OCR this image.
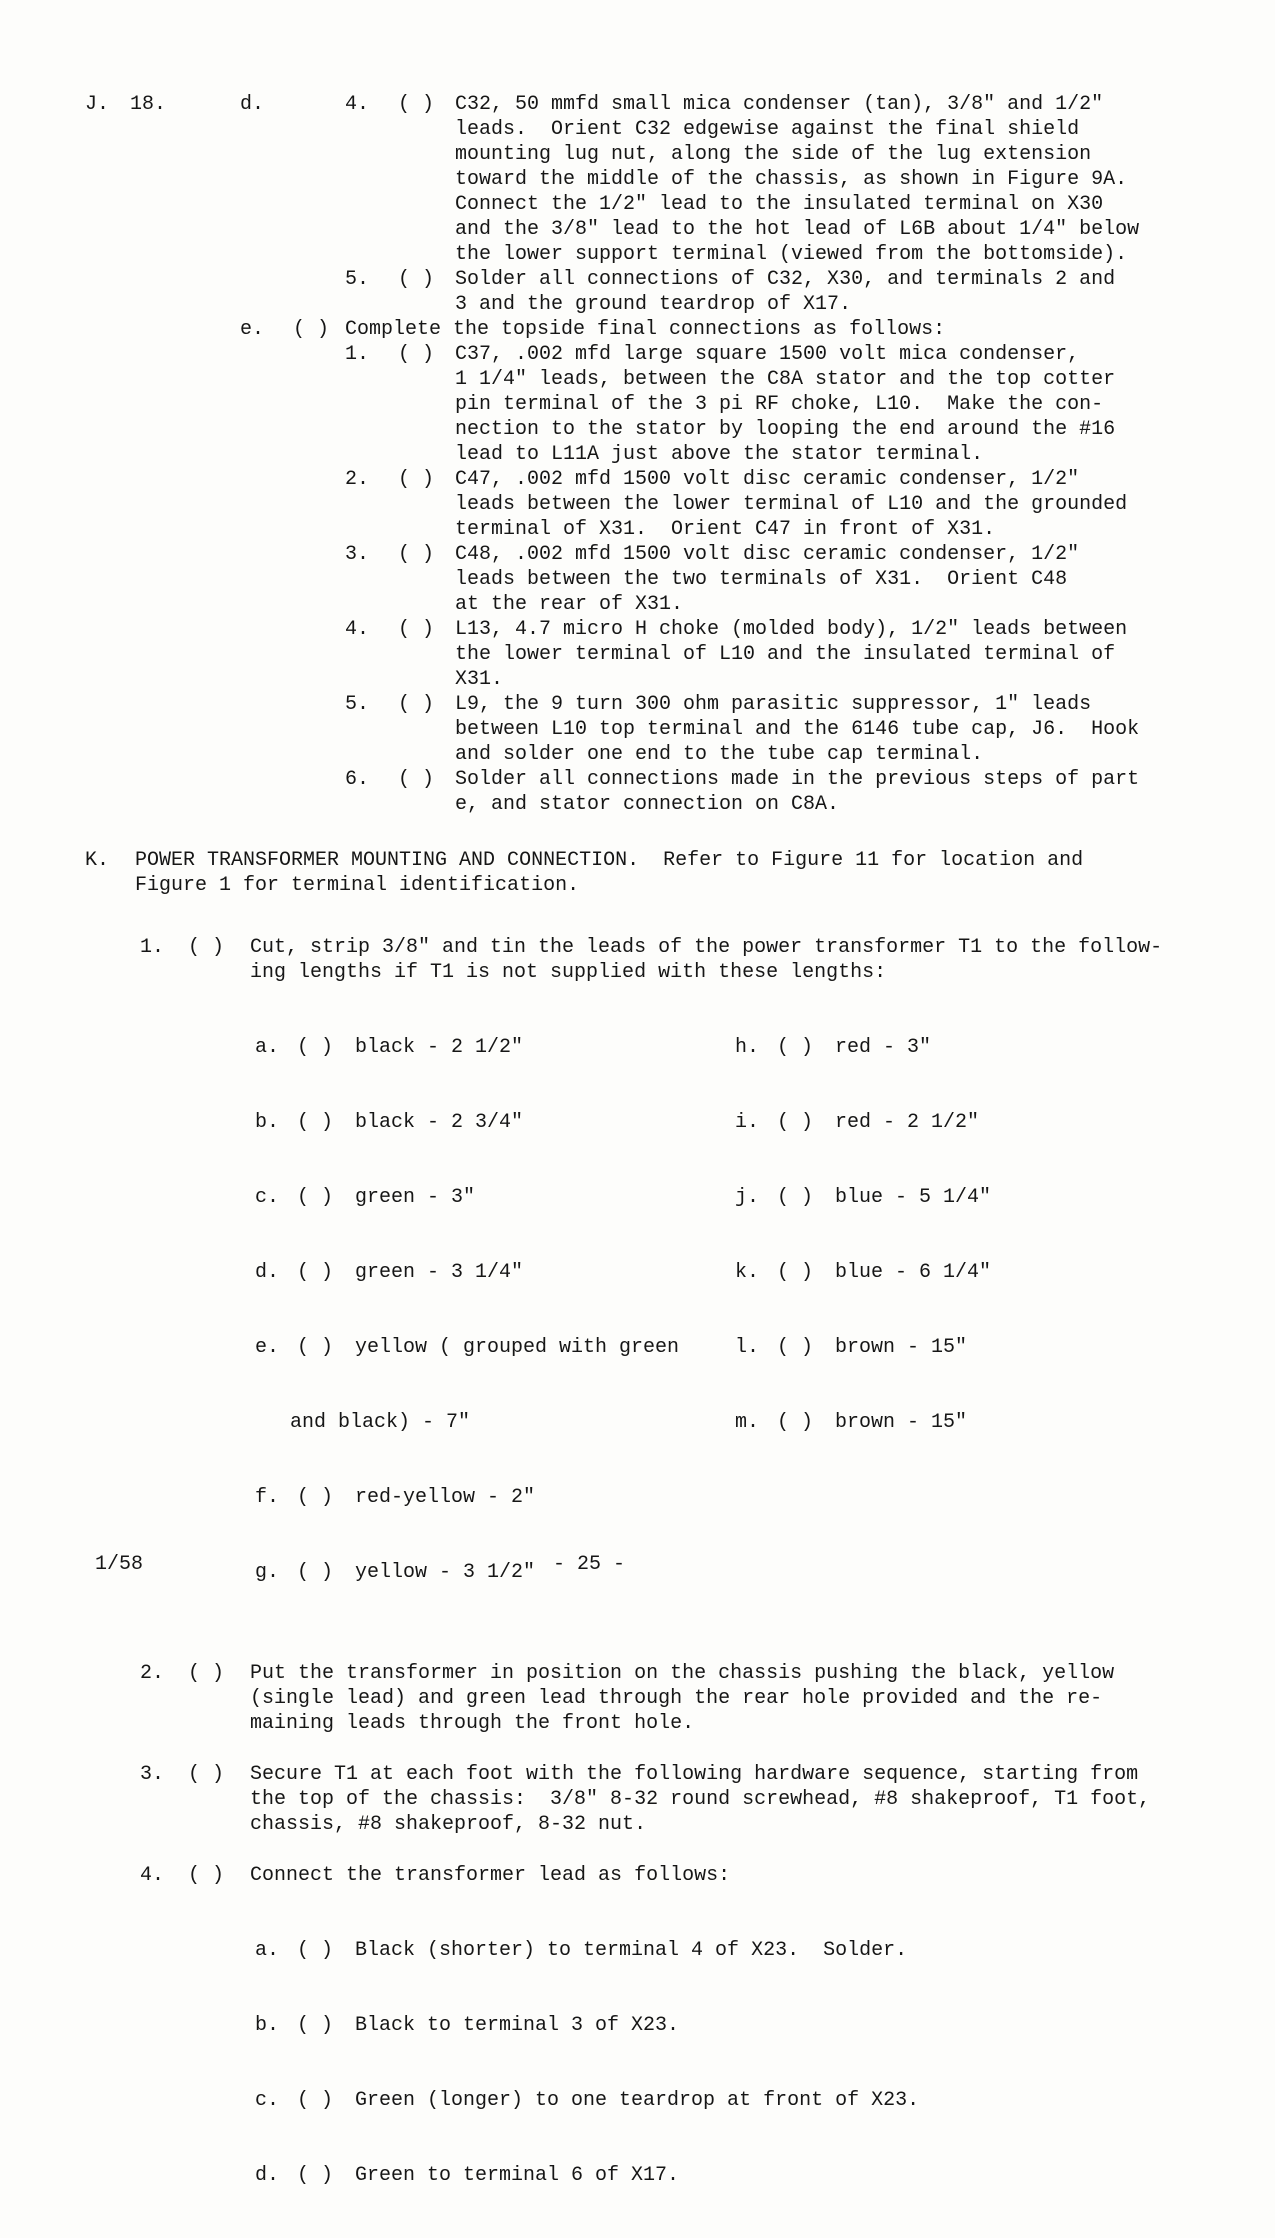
J.	18.	d.	4.	( )	C32, 50 mmfd small mica condenser (tan), 3/8" and 1/2"
leads.  Orient C32 edgewise against the final shield
mounting lug nut, along the side of the lug extension
toward the middle of the chassis, as shown in Figure 9A.
Connect the 1/2" lead to the insulated terminal on X30
and the 3/8" lead to the hot lead of L6B about 1/4" below
the lower support terminal (viewed from the bottomside).
5.	( )	Solder all connections of C32, X30, and terminals 2 and
3 and the ground teardrop of X17.
e.	( ) Complete the topside final connections as follows:
1.	( )	C37, .002 mfd large square 1500 volt mica condenser,
1 1/4" leads, between the C8A stator and the top cotter
pin terminal of the 3 pi RF choke, L10.  Make the con-
nection to the stator by looping the end around the #16
lead to L11A just above the stator terminal.
2.	( )	C47, .002 mfd 1500 volt disc ceramic condenser, 1/2"
leads between the lower terminal of L10 and the grounded
terminal of X31.  Orient C47 in front of X31.
3.	( )	C48, .002 mfd 1500 volt disc ceramic condenser, 1/2"
leads between the two terminals of X31.  Orient C48
at the rear of X31.
4.	( )	L13, 4.7 micro H choke (molded body), 1/2" leads between
the lower terminal of L10 and the insulated terminal of
X31.
5.	( )	L9, the 9 turn 300 ohm parasitic suppressor, 1" leads
between L10 top terminal and the 6146 tube cap, J6.  Hook
and solder one end to the tube cap terminal.
6.	( )	Solder all connections made in the previous steps of part
e, and stator connection on C8A.
K.	POWER TRANSFORMER MOUNTING AND CONNECTION.  Refer to Figure 11 for location and
Figure 1 for terminal identification.
1.	( )	Cut, strip 3/8" and tin the leads of the power transformer T1 to the follow-
ing lengths if T1 is not supplied with these lengths:

a. ( )	black - 2 1/2"	h. ( )	red - 3"

b. ( )	black - 2 3/4"	i. ( )	red - 2 1/2"

c. ( )	green - 3"	j. ( )	blue - 5 1/4"

d. ( )	green - 3 1/4"	k. ( )	blue - 6 1/4"

e. ( )	yellow ( grouped with green	l. ( )	brown - 15"

and black) - 7"	m. ( )	brown - 15"

f. ( )	red-yellow - 2"

g. ( )	yellow - 3 1/2"

2.	( )	Put the transformer in position on the chassis pushing the black, yellow
(single lead) and green lead through the rear hole provided and the re-
maining leads through the front hole.
3.	( )	Secure T1 at each foot with the following hardware sequence, starting from
the top of the chassis:  3/8" 8-32 round screwhead, #8 shakeproof, T1 foot,
chassis, #8 shakeproof, 8-32 nut.
4.	( )	Connect the transformer lead as follows:

a. ( )	Black (shorter) to terminal 4 of X23.  Solder.

b. ( )	Black to terminal 3 of X23.

c. ( )	Green (longer) to one teardrop at front of X23.

d. ( )	Green to terminal 6 of X17.

1/58	- 25 -
